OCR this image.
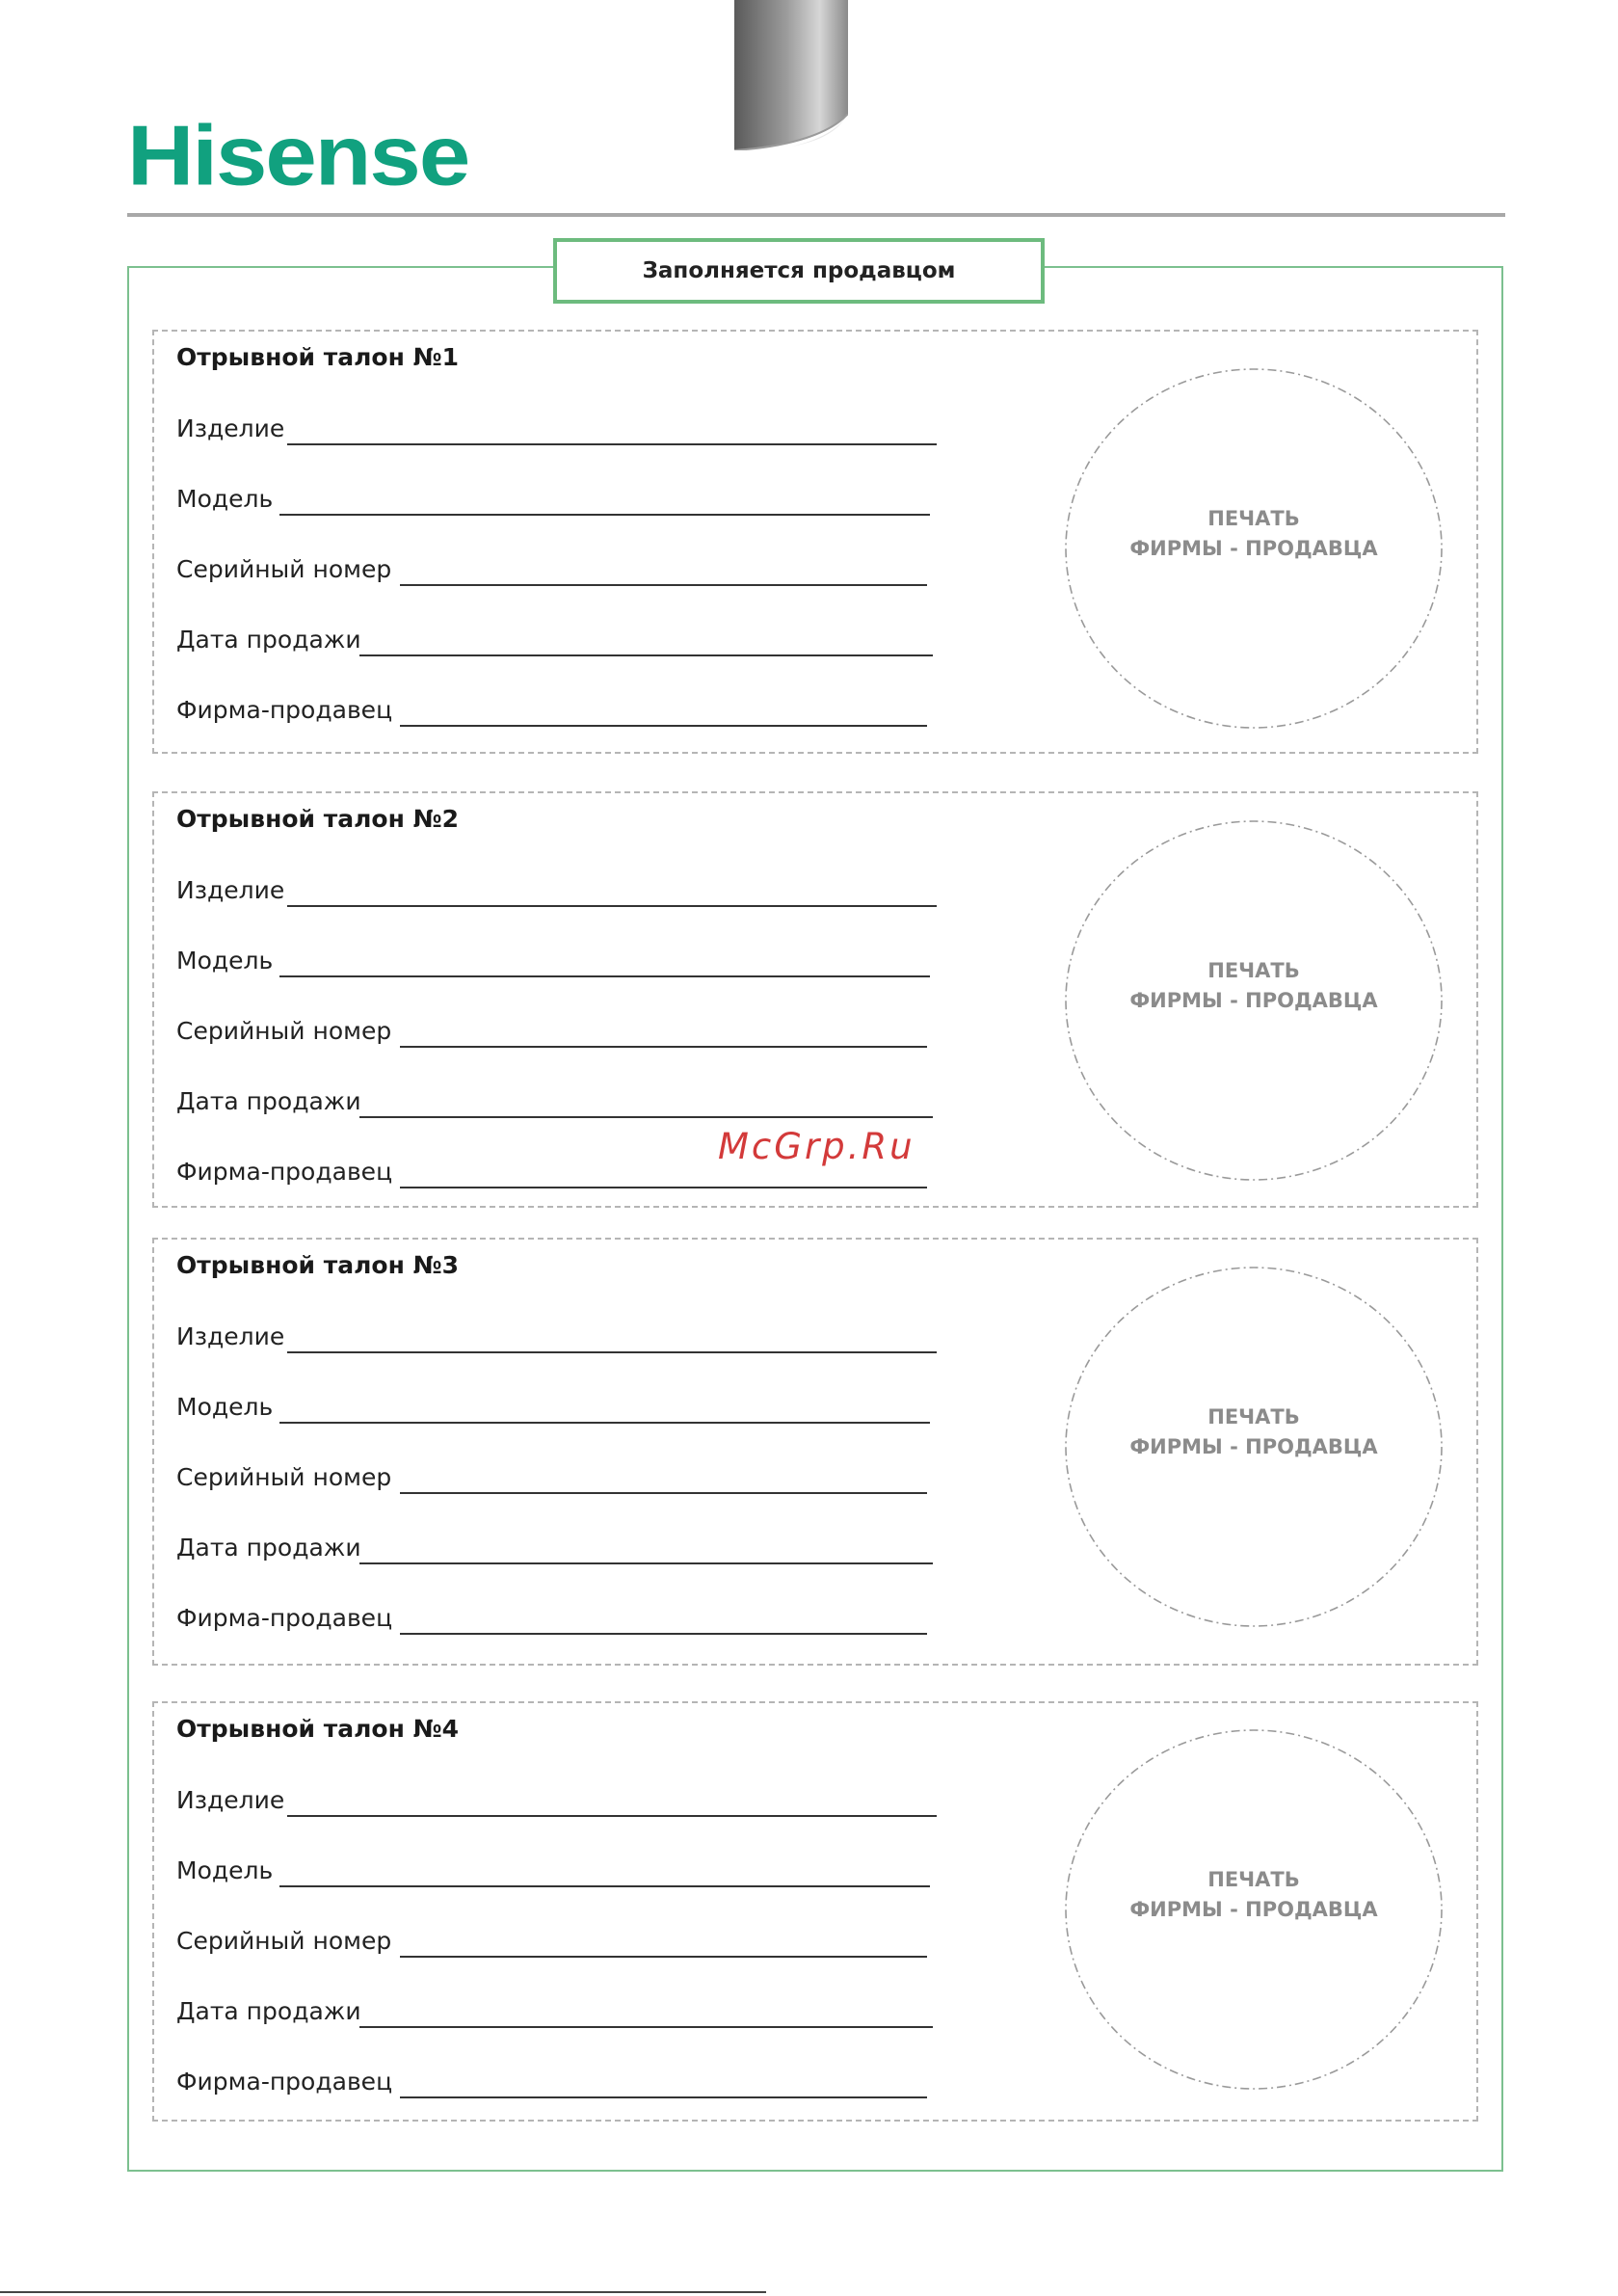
Hisense
Заполняется продавцом
Отрывной талон №1
Изделие
Модель
Серийный номер
Дата продажи
Фирма-продавец
ПЕЧАТЬ
ФИРМЫ - ПРОДАВЦА
Отрывной талон №2
Изделие
Модель
Серийный номер
Дата продажи
Фирма-продавец
ПЕЧАТЬ
ФИРМЫ - ПРОДАВЦА
Отрывной талон №3
Изделие
Модель
Серийный номер
Дата продажи
Фирма-продавец
ПЕЧАТЬ
ФИРМЫ - ПРОДАВЦА
Отрывной талон №4
Изделие
Модель
Серийный номер
Дата продажи
Фирма-продавец
ПЕЧАТЬ
ФИРМЫ - ПРОДАВЦА
McGrp.Ru
